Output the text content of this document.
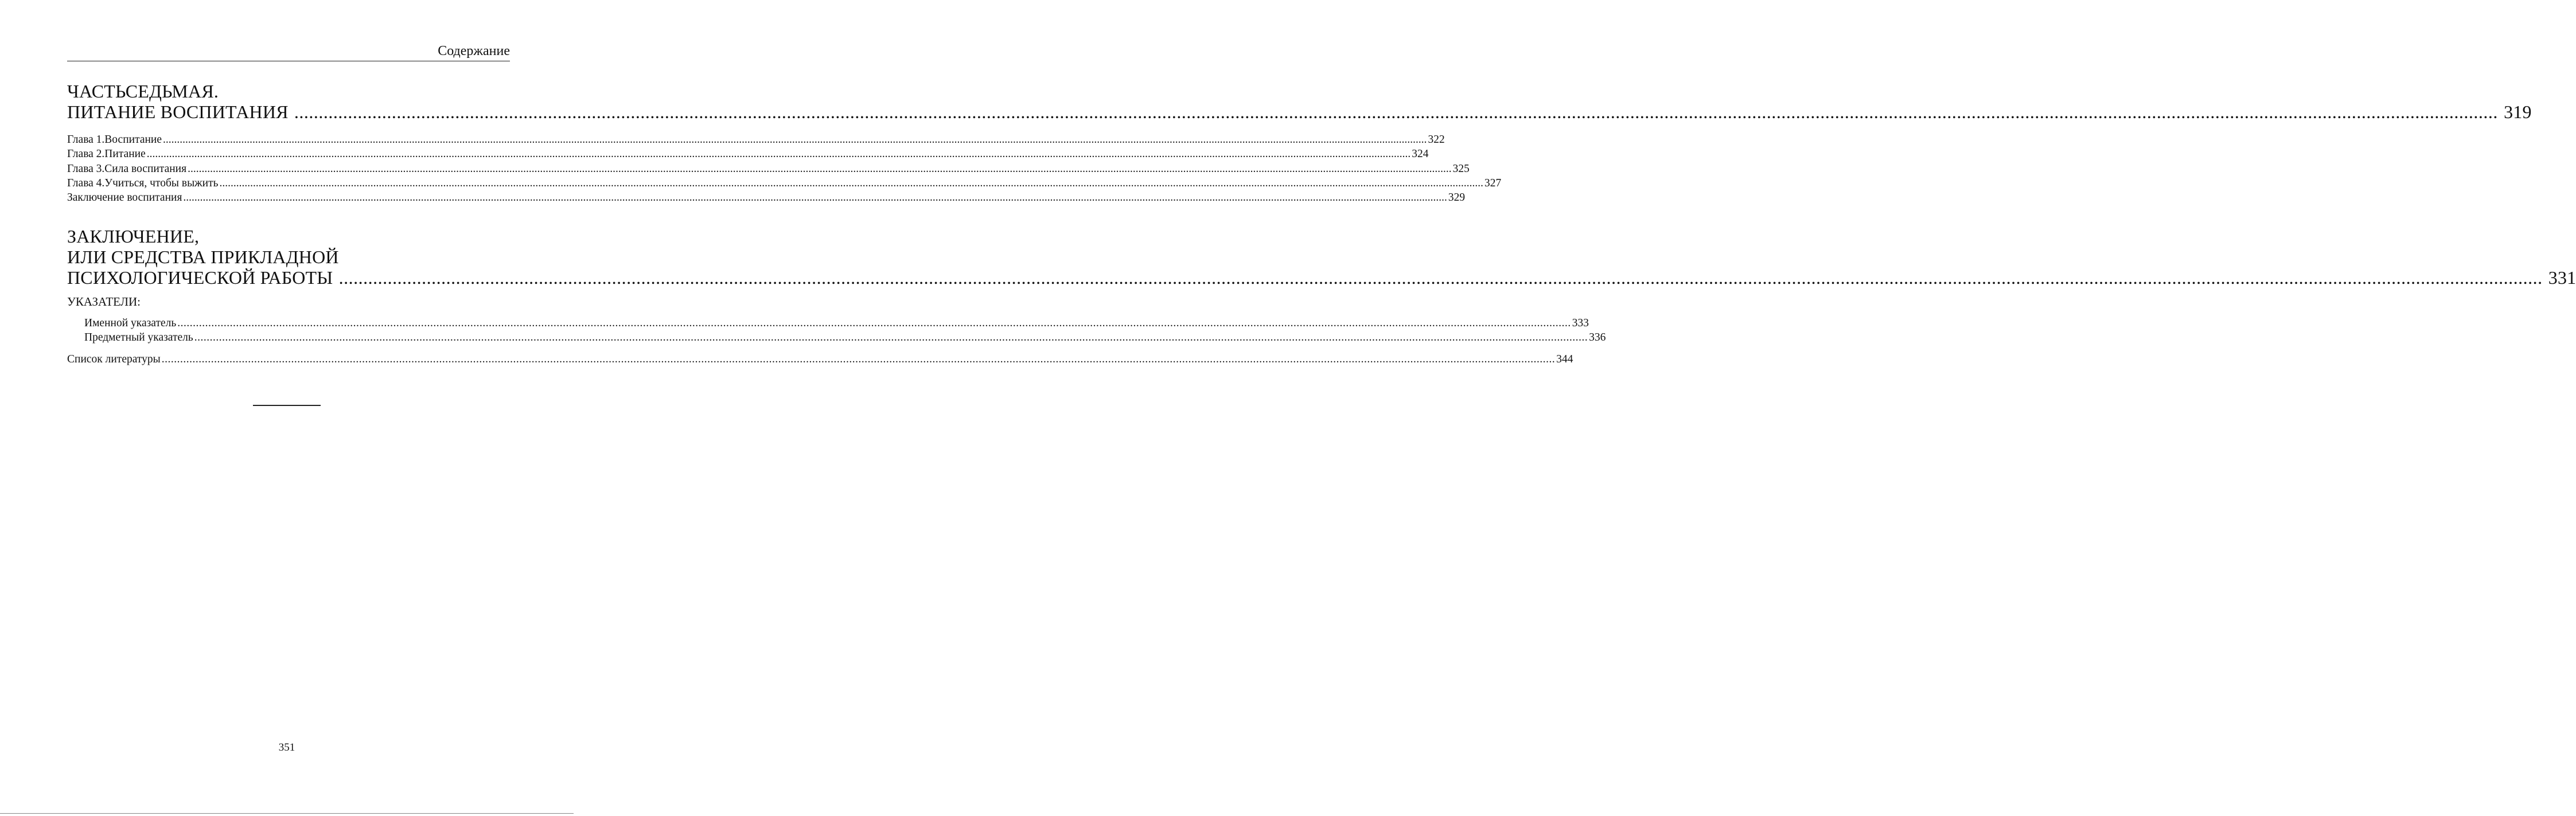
Содержание
ЧАСТЬСЕДЬМАЯ.
ПИТАНИЕ ВОСПИТАНИЯ .....	319
Глава 1.Воспитание .....	322
Глава 2.Питание .....	324
Глава 3.Сила воспитания .....	325
Глава 4.Учиться, чтобы выжить .....	327
Заключение воспитания .....	329
ЗАКЛЮЧЕНИЕ,
ИЛИ СРЕДСТВА ПРИКЛАДНОЙ
ПСИХОЛОГИЧЕСКОЙ РАБОТЫ .....	331
УКАЗАТЕЛИ:
Именной указатель .....	333
Предметный указатель .....	336
Список литературы .....	344
351
